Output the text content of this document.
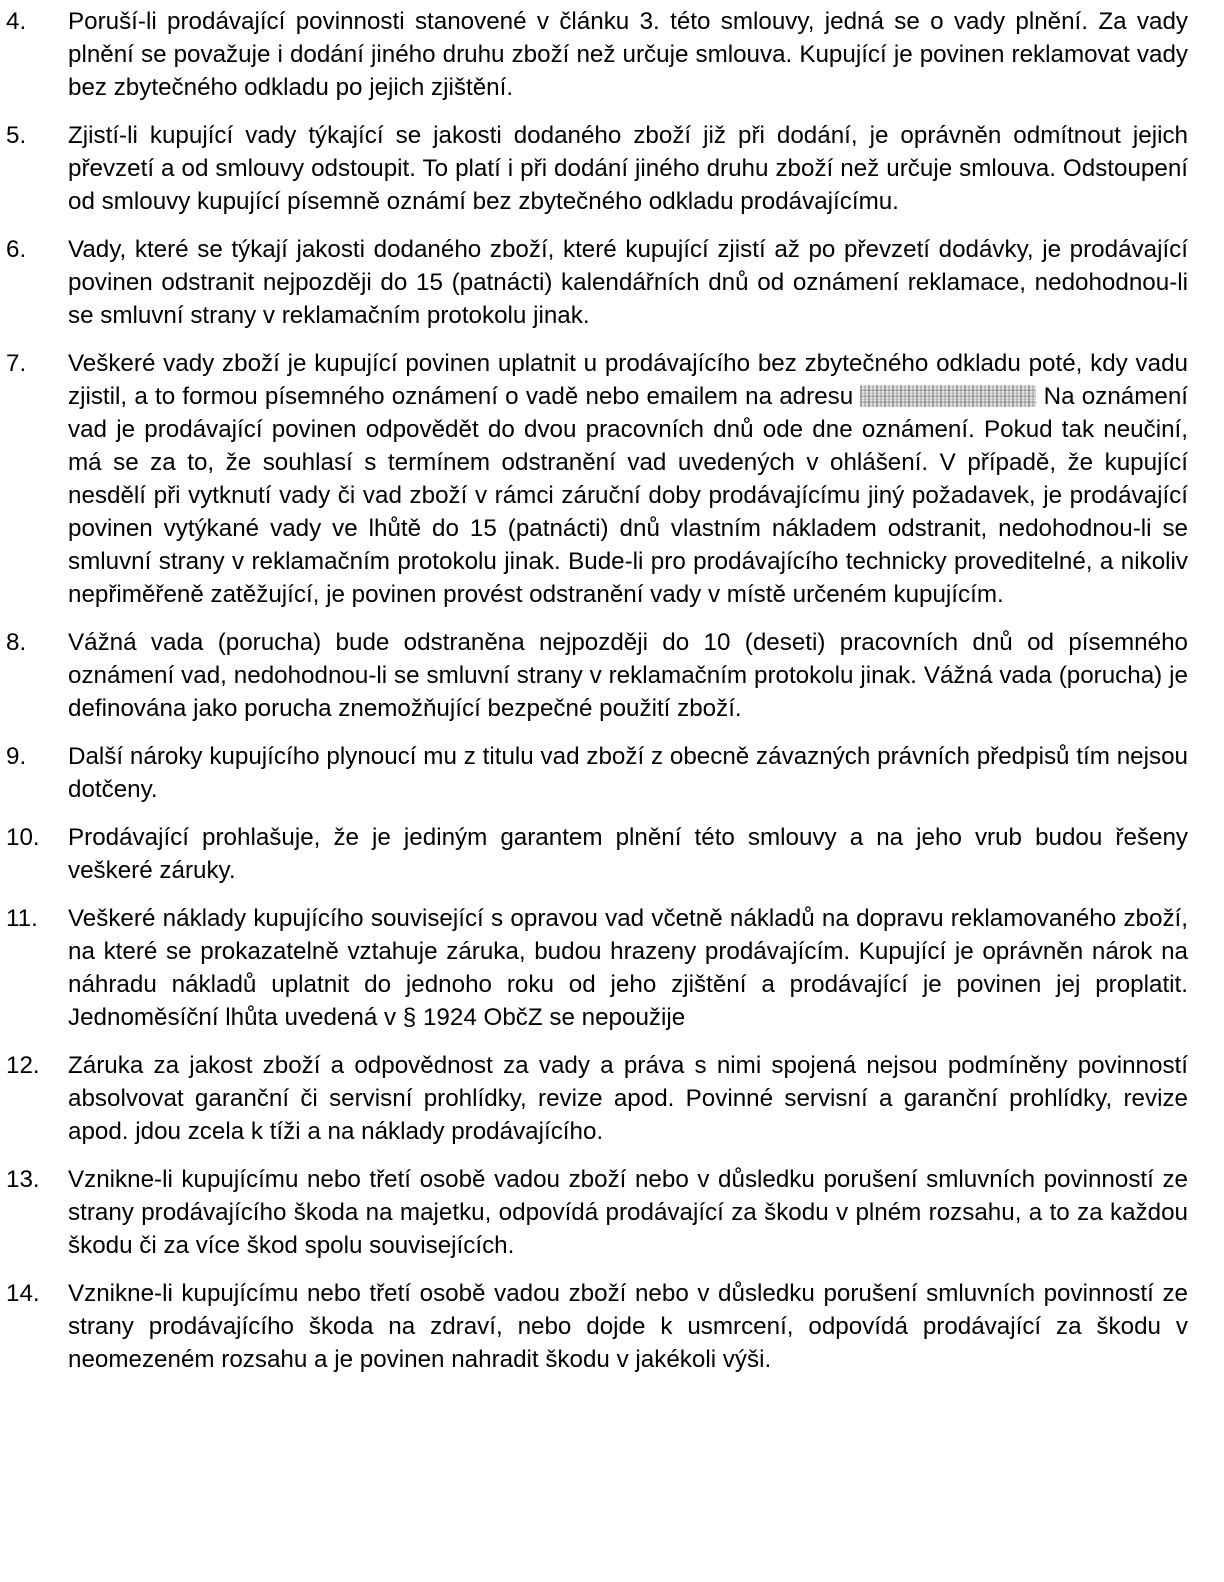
4. Poruší-li prodávající povinnosti stanovené v článku 3. této smlouvy, jedná se o vady plnění. Za vady plnění se považuje i dodání jiného druhu zboží než určuje smlouva. Kupující je povinen reklamovat vady bez zbytečného odkladu po jejich zjištění.
5. Zjistí-li kupující vady týkající se jakosti dodaného zboží již při dodání, je oprávněn odmítnout jejich převzetí a od smlouvy odstoupit. To platí i při dodání jiného druhu zboží než určuje smlouva. Odstoupení od smlouvy kupující písemně oznámí bez zbytečného odkladu prodávajícímu.
6. Vady, které se týkají jakosti dodaného zboží, které kupující zjistí až po převzetí dodávky, je prodávající povinen odstranit nejpozději do 15 (patnácti) kalendářních dnů od oznámení reklamace, nedohodnou-li se smluvní strany v reklamačním protokolu jinak.
7. Veškeré vady zboží je kupující povinen uplatnit u prodávajícího bez zbytečného odkladu poté, kdy vadu zjistil, a to formou písemného oznámení o vadě nebo emailem na adresu	Na oznámení vad je prodávající povinen odpovědět do dvou pracovních dnů ode dne oznámení. Pokud tak neučiní, má se za to, že souhlasí s termínem odstranění vad uvedených v ohlášení. V případě, že kupující nesdělí při vytknutí vady či vad zboží v rámci záruční doby prodávajícímu jiný požadavek, je prodávající povinen vytýkané vady ve lhůtě do 15 (patnácti) dnů vlastním nákladem odstranit, nedohodnou-li se smluvní strany v reklamačním protokolu jinak. Bude-li pro prodávajícího technicky proveditelné, a nikoliv nepřiměřeně zatěžující, je povinen provést odstranění vady v místě určeném kupujícím.
8. Vážná vada (porucha) bude odstraněna nejpozději do 10 (deseti) pracovních dnů od písemného oznámení vad, nedohodnou-li se smluvní strany v reklamačním protokolu jinak. Vážná vada (porucha) je definována jako porucha znemožňující bezpečné použití zboží.
9. Další nároky kupujícího plynoucí mu z titulu vad zboží z obecně závazných právních předpisů tím nejsou dotčeny.
10. Prodávající prohlašuje, že je jediným garantem plnění této smlouvy a na jeho vrub budou řešeny veškeré záruky.
11. Veškeré náklady kupujícího související s opravou vad včetně nákladů na dopravu reklamovaného zboží, na které se prokazatelně vztahuje záruka, budou hrazeny prodávajícím. Kupující je oprávněn nárok na náhradu nákladů uplatnit do jednoho roku od jeho zjištění a prodávající je povinen jej proplatit. Jednoměsíční lhůta uvedená v § 1924 ObčZ se nepoužije
12. Záruka za jakost zboží a odpovědnost za vady a práva s nimi spojená nejsou podmíněny povinností absolvovat garanční či servisní prohlídky, revize apod. Povinné servisní a garanční prohlídky, revize apod. jdou zcela k tíži a na náklady prodávajícího.
13. Vznikne-li kupujícímu nebo třetí osobě vadou zboží nebo v důsledku porušení smluvních povinností ze strany prodávajícího škoda na majetku, odpovídá prodávající za škodu v plném rozsahu, a to za každou škodu či za více škod spolu souvisejících.
14. Vznikne-li kupujícímu nebo třetí osobě vadou zboží nebo v důsledku porušení smluvních povinností ze strany prodávajícího škoda na zdraví, nebo dojde k usmrcení, odpovídá prodávající za škodu v neomezeném rozsahu a je povinen nahradit škodu v jakékoli výši.
